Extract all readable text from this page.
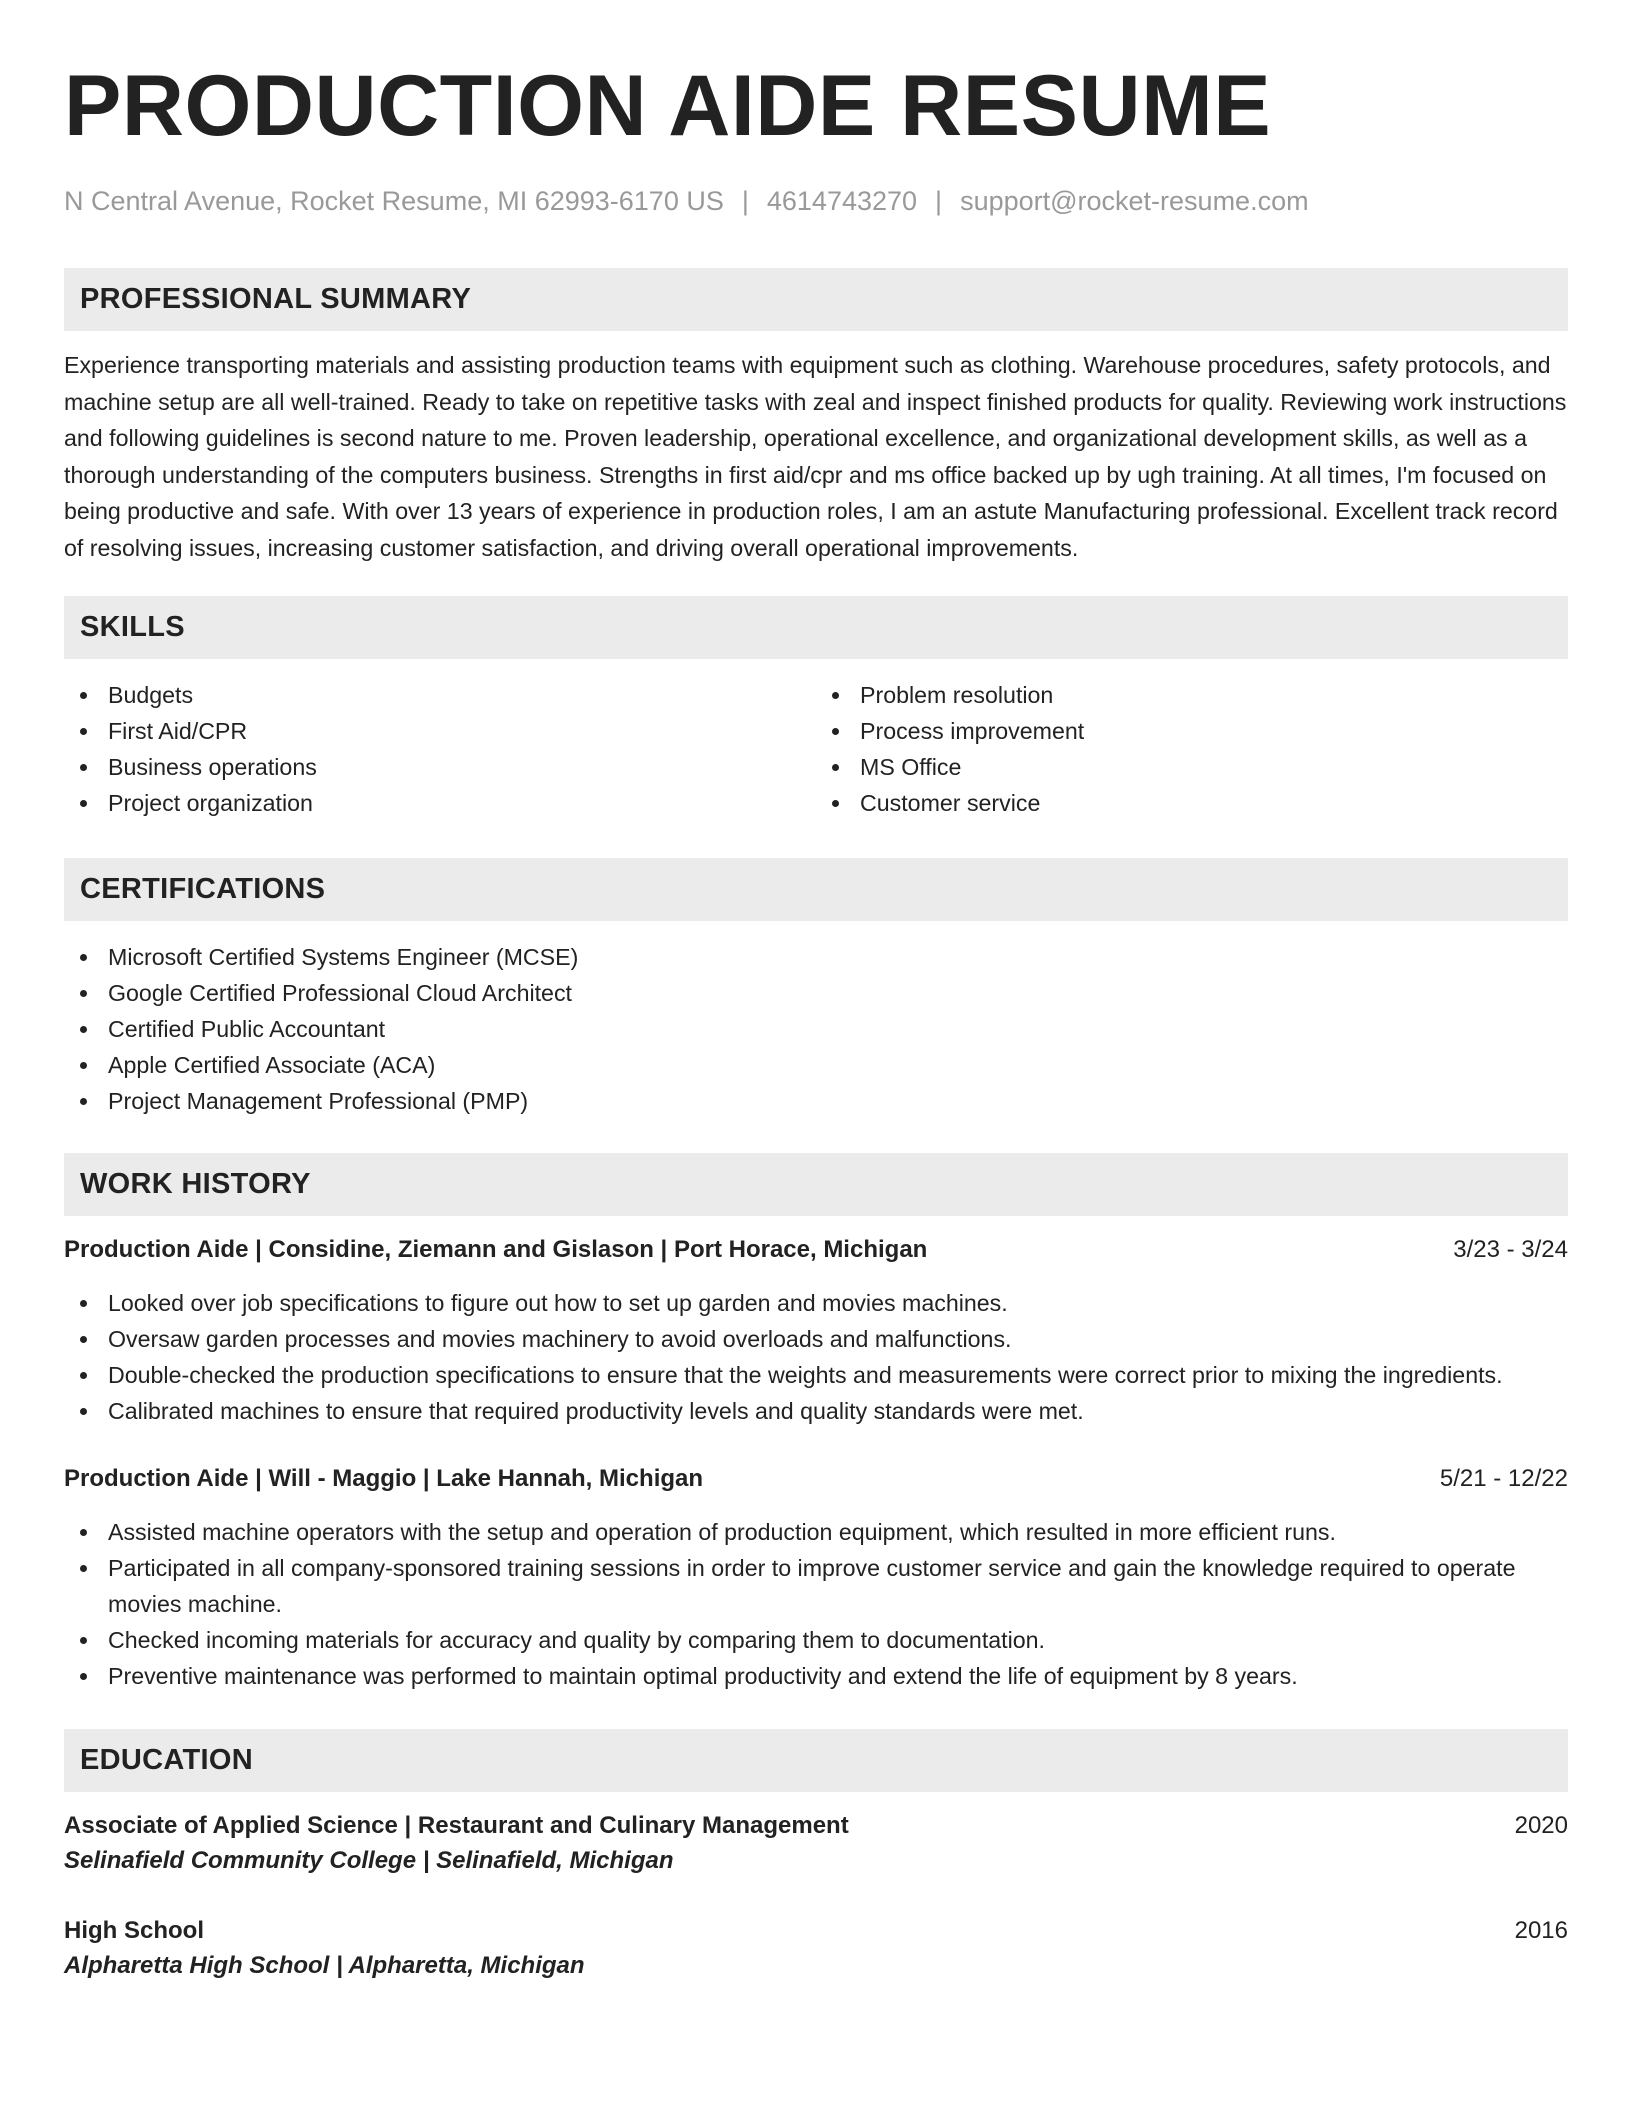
PRODUCTION AIDE RESUME
N Central Avenue, Rocket Resume, MI 62993-6170 US | 4614743270 | support@rocket-resume.com
PROFESSIONAL SUMMARY
Experience transporting materials and assisting production teams with equipment such as clothing. Warehouse procedures, safety protocols, and machine setup are all well-trained. Ready to take on repetitive tasks with zeal and inspect finished products for quality. Reviewing work instructions and following guidelines is second nature to me. Proven leadership, operational excellence, and organizational development skills, as well as a thorough understanding of the computers business. Strengths in first aid/cpr and ms office backed up by ugh training. At all times, I'm focused on being productive and safe. With over 13 years of experience in production roles, I am an astute Manufacturing professional. Excellent track record of resolving issues, increasing customer satisfaction, and driving overall operational improvements.
SKILLS
Budgets
First Aid/CPR
Business operations
Project organization
Problem resolution
Process improvement
MS Office
Customer service
CERTIFICATIONS
Microsoft Certified Systems Engineer (MCSE)
Google Certified Professional Cloud Architect
Certified Public Accountant
Apple Certified Associate (ACA)
Project Management Professional (PMP)
WORK HISTORY
Production Aide | Considine, Ziemann and Gislason | Port Horace, Michigan	3/23 - 3/24
Looked over job specifications to figure out how to set up garden and movies machines.
Oversaw garden processes and movies machinery to avoid overloads and malfunctions.
Double-checked the production specifications to ensure that the weights and measurements were correct prior to mixing the ingredients.
Calibrated machines to ensure that required productivity levels and quality standards were met.
Production Aide | Will - Maggio | Lake Hannah, Michigan	5/21 - 12/22
Assisted machine operators with the setup and operation of production equipment, which resulted in more efficient runs.
Participated in all company-sponsored training sessions in order to improve customer service and gain the knowledge required to operate movies machine.
Checked incoming materials for accuracy and quality by comparing them to documentation.
Preventive maintenance was performed to maintain optimal productivity and extend the life of equipment by 8 years.
EDUCATION
Associate of Applied Science | Restaurant and Culinary Management	2020
Selinafield Community College | Selinafield, Michigan
High School	2016
Alpharetta High School | Alpharetta, Michigan
